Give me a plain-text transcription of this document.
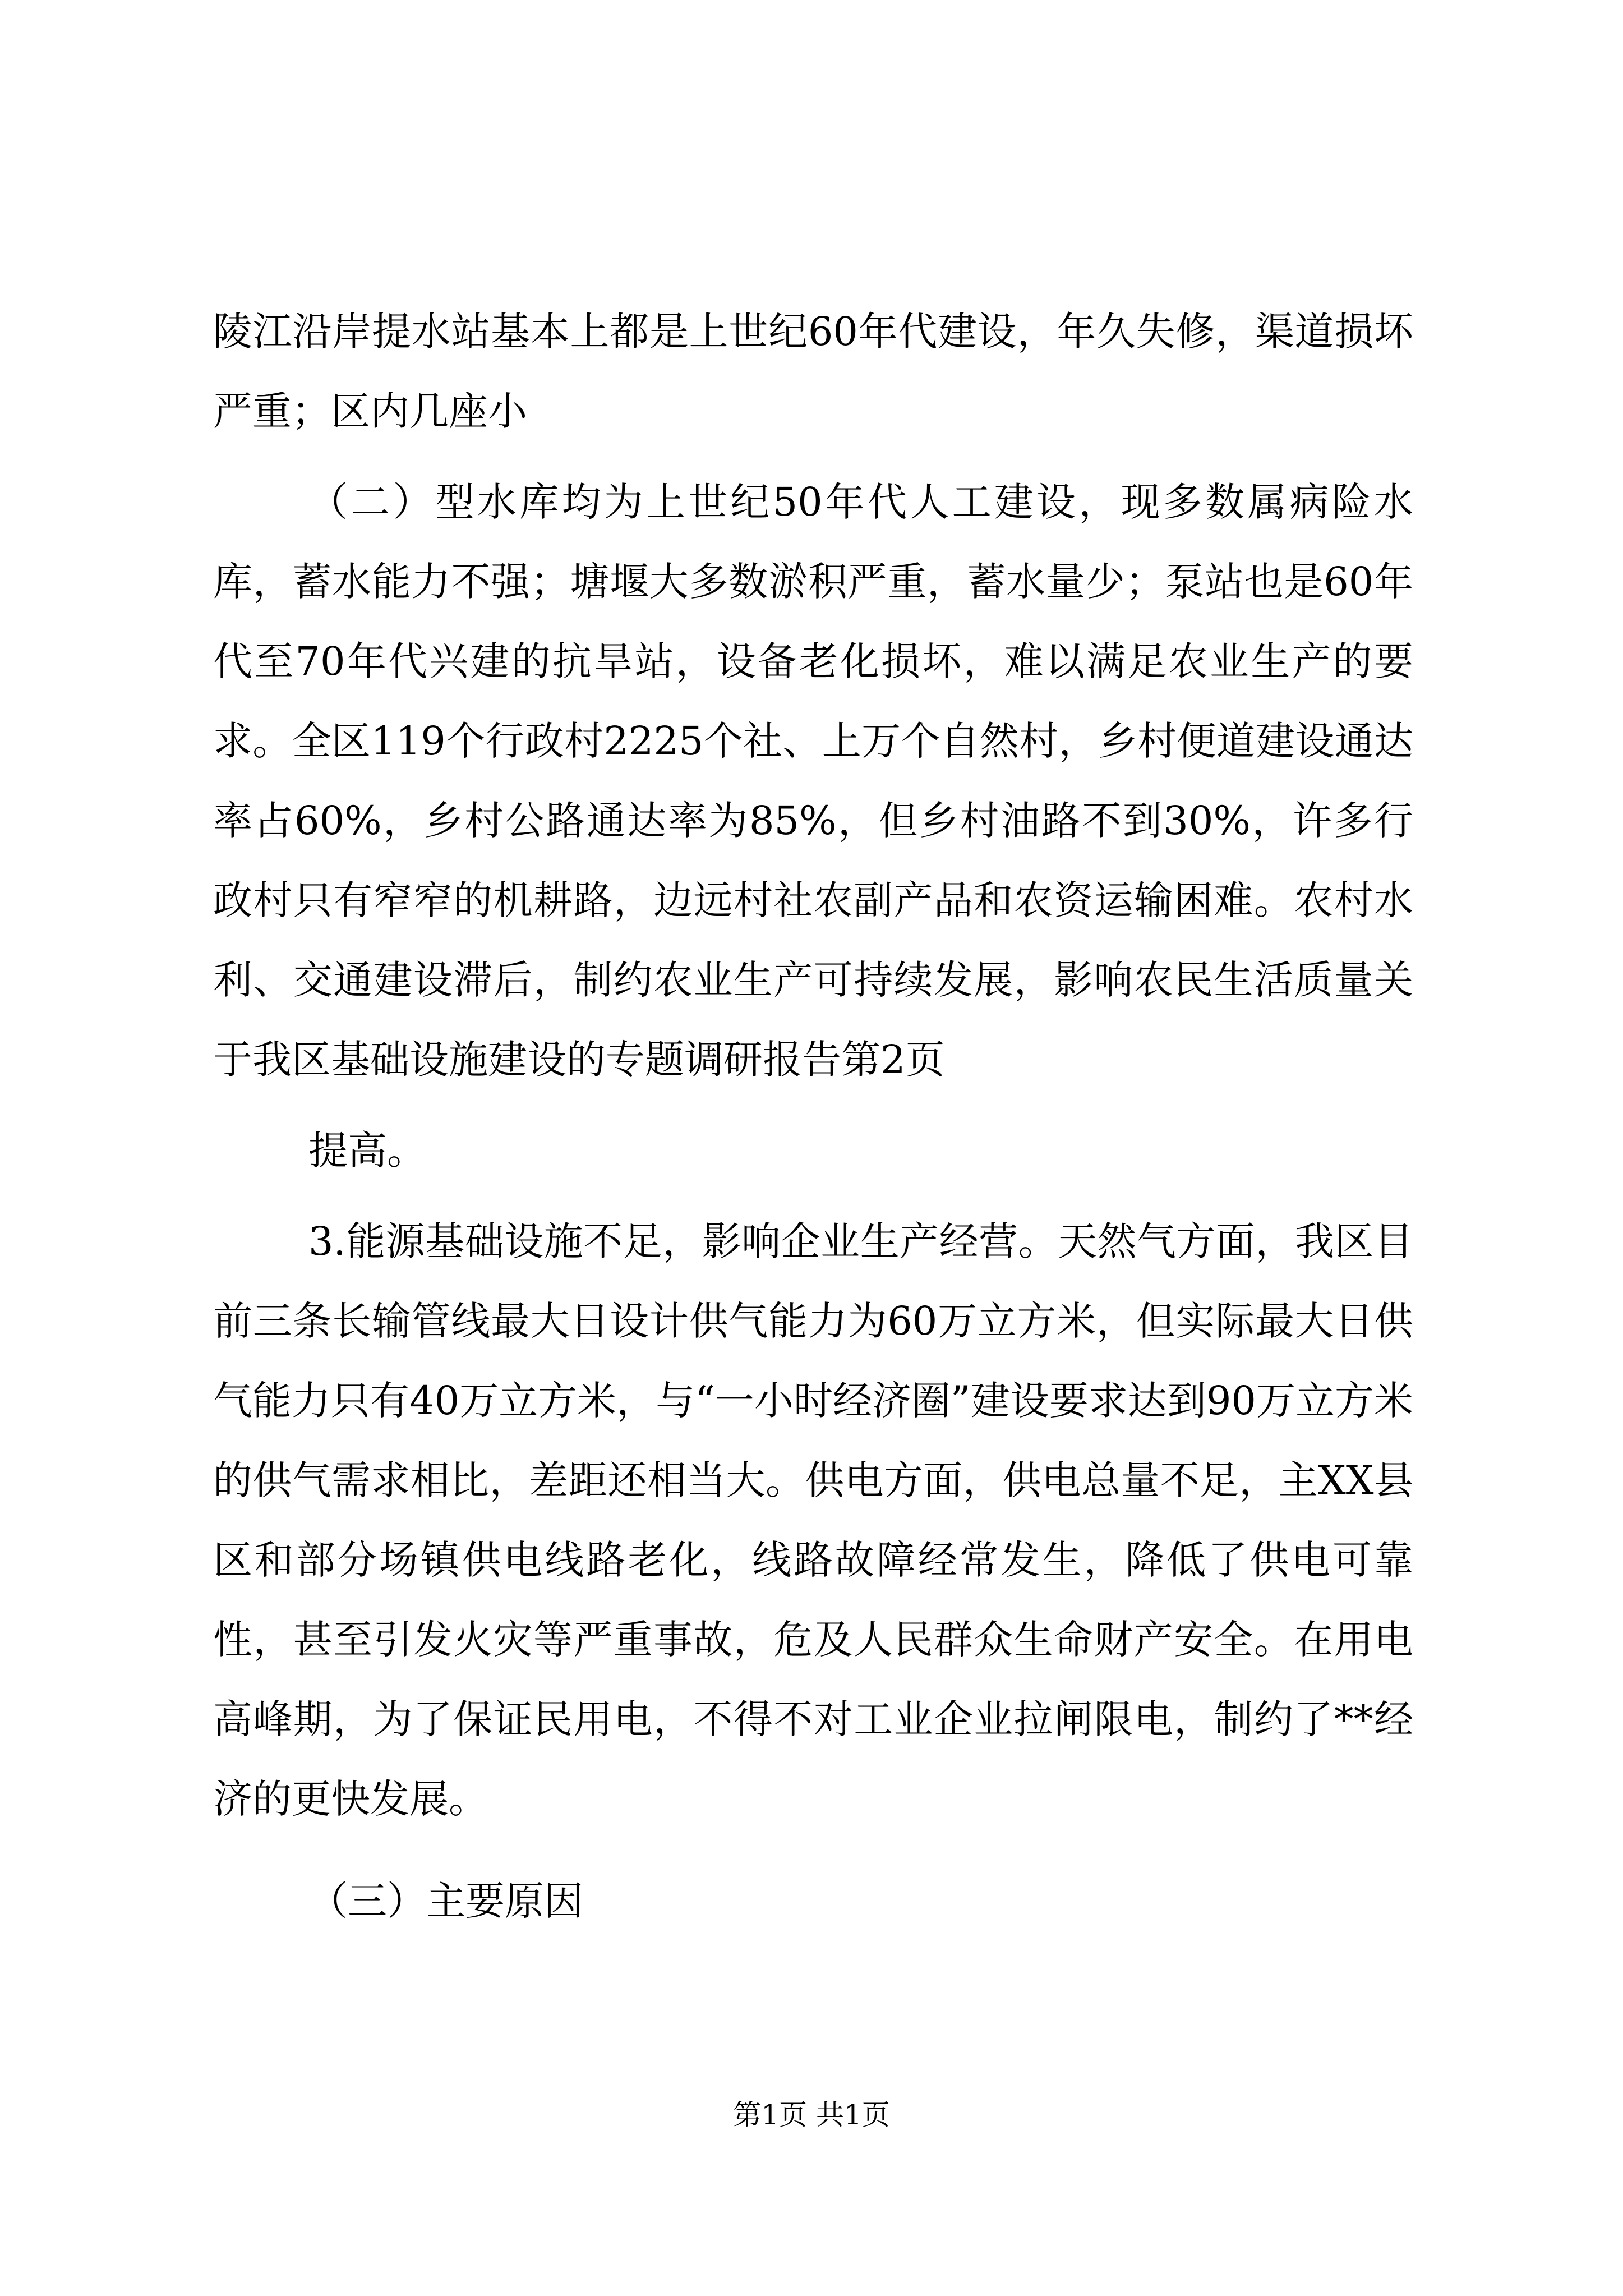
陵江沿岸提水站基本上都是上世纪60年代建设，年久失修，渠道损坏严重；区内几座小

（二）型水库均为上世纪50年代人工建设，现多数属病险水库，蓄水能力不强；塘堰大多数淤积严重，蓄水量少；泵站也是60年代至70年代兴建的抗旱站，设备老化损坏，难以满足农业生产的要求。全区119个行政村2225个社、上万个自然村，乡村便道建设通达率占60%，乡村公路通达率为85%，但乡村油路不到30%，许多行政村只有窄窄的机耕路，边远村社农副产品和农资运输困难。农村水利、交通建设滞后，制约农业生产可持续发展，影响农民生活质量关于我区基础设施建设的专题调研报告第2页

提高。

3.能源基础设施不足，影响企业生产经营。天然气方面，我区目前三条长输管线最大日设计供气能力为60万立方米，但实际最大日供气能力只有40万立方米，与“一小时经济圈”建设要求达到90万立方米的供气需求相比，差距还相当大。供电方面，供电总量不足，主XX县区和部分场镇供电线路老化，线路故障经常发生，降低了供电可靠性，甚至引发火灾等严重事故，危及人民群众生命财产安全。在用电高峰期，为了保证民用电，不得不对工业企业拉闸限电，制约了**经济的更快发展。

（三）主要原因

第1页 共1页
